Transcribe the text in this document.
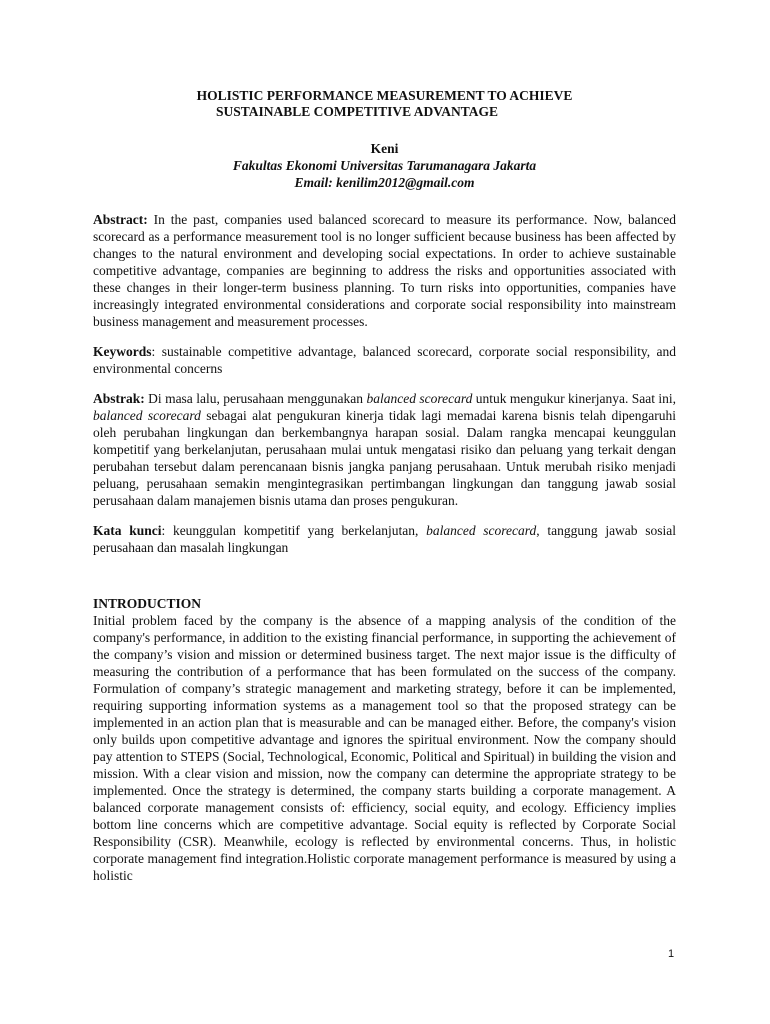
HOLISTIC PERFORMANCE MEASUREMENT TO ACHIEVE
SUSTAINABLE COMPETITIVE ADVANTAGE
Keni
Fakultas Ekonomi Universitas Tarumanagara Jakarta
Email: kenilim2012@gmail.com

Abstract: In the past, companies used balanced scorecard to measure its performance. Now, balanced scorecard as a performance measurement tool is no longer sufficient because business has been affected by changes to the natural environment and developing social expectations. In order to achieve sustainable competitive advantage, companies are beginning to address the risks and opportunities associated with these changes in their longer-term business planning. To turn risks into opportunities, companies have increasingly integrated environmental considerations and corporate social responsibility into mainstream business management and measurement processes.

Keywords: sustainable competitive advantage, balanced scorecard, corporate social responsibility, and environmental concerns

Abstrak: Di masa lalu, perusahaan menggunakan balanced scorecard untuk mengukur kinerjanya. Saat ini, balanced scorecard sebagai alat pengukuran kinerja tidak lagi memadai karena bisnis telah dipengaruhi oleh perubahan lingkungan dan berkembangnya harapan sosial. Dalam rangka mencapai keunggulan kompetitif yang berkelanjutan, perusahaan mulai untuk mengatasi risiko dan peluang yang terkait dengan perubahan tersebut dalam perencanaan bisnis jangka panjang perusahaan. Untuk merubah risiko menjadi peluang, perusahaan semakin mengintegrasikan pertimbangan lingkungan dan tanggung jawab sosial perusahaan dalam manajemen bisnis utama dan proses pengukuran.

Kata kunci: keunggulan kompetitif yang berkelanjutan, balanced scorecard, tanggung jawab sosial perusahaan dan masalah lingkungan

INTRODUCTION

Initial problem faced by the company is the absence of a mapping analysis of the condition of the company's performance, in addition to the existing financial performance, in supporting the achievement of the company’s vision and mission or determined business target. The next major issue is the difficulty of measuring the contribution of a performance that has been formulated on the success of the company. Formulation of company’s strategic management and marketing strategy, before it can be implemented, requiring supporting information systems as a management tool so that the proposed strategy can be implemented in an action plan that is measurable and can be managed either. Before, the company's vision only builds upon competitive advantage and ignores the spiritual environment. Now the company should pay attention to STEPS (Social, Technological, Economic, Political and Spiritual) in building the vision and mission. With a clear vision and mission, now the company can determine the appropriate strategy to be implemented. Once the strategy is determined, the company starts building a corporate management. A balanced corporate management consists of: efficiency, social equity, and ecology. Efficiency implies bottom line concerns which are competitive advantage. Social equity is reflected by Corporate Social Responsibility (CSR). Meanwhile, ecology is reflected by environmental concerns. Thus, in holistic corporate management find integration.Holistic corporate management performance is measured by using a holistic

1
